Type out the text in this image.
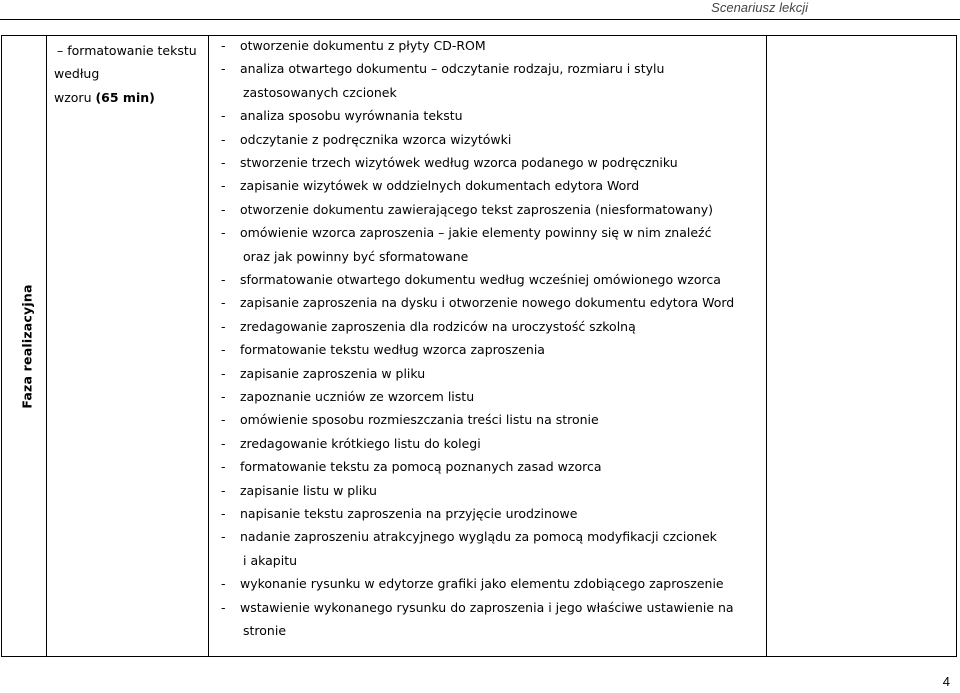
Scenariusz lekcji
Faza realizacyjna
– formatowanie tekstu
według
wzoru (65 min)
- otworzenie dokumentu z płyty CD-ROM
- analiza otwartego dokumentu – odczytanie rodzaju, rozmiaru i stylu
zastosowanych czcionek
- analiza sposobu wyrównania tekstu
- odczytanie z podręcznika wzorca wizytówki
- stworzenie trzech wizytówek według wzorca podanego w podręczniku
- zapisanie wizytówek w oddzielnych dokumentach edytora Word
- otworzenie dokumentu zawierającego tekst zaproszenia (niesformatowany)
- omówienie wzorca zaproszenia – jakie elementy powinny się w nim znaleźć
oraz jak powinny być sformatowane
- sformatowanie otwartego dokumentu według wcześniej omówionego wzorca
- zapisanie zaproszenia na dysku i otworzenie nowego dokumentu edytora Word
- zredagowanie zaproszenia dla rodziców na uroczystość szkolną
- formatowanie tekstu według wzorca zaproszenia
- zapisanie zaproszenia w pliku
- zapoznanie uczniów ze wzorcem listu
- omówienie sposobu rozmieszczania treści listu na stronie
- zredagowanie krótkiego listu do kolegi
- formatowanie tekstu za pomocą poznanych zasad wzorca
- zapisanie listu w pliku
- napisanie tekstu zaproszenia na przyjęcie urodzinowe
- nadanie zaproszeniu atrakcyjnego wyglądu za pomocą modyfikacji czcionek
i akapitu
- wykonanie rysunku w edytorze grafiki jako elementu zdobiącego zaproszenie
- wstawienie wykonanego rysunku do zaproszenia i jego właściwe ustawienie na
stronie
4
